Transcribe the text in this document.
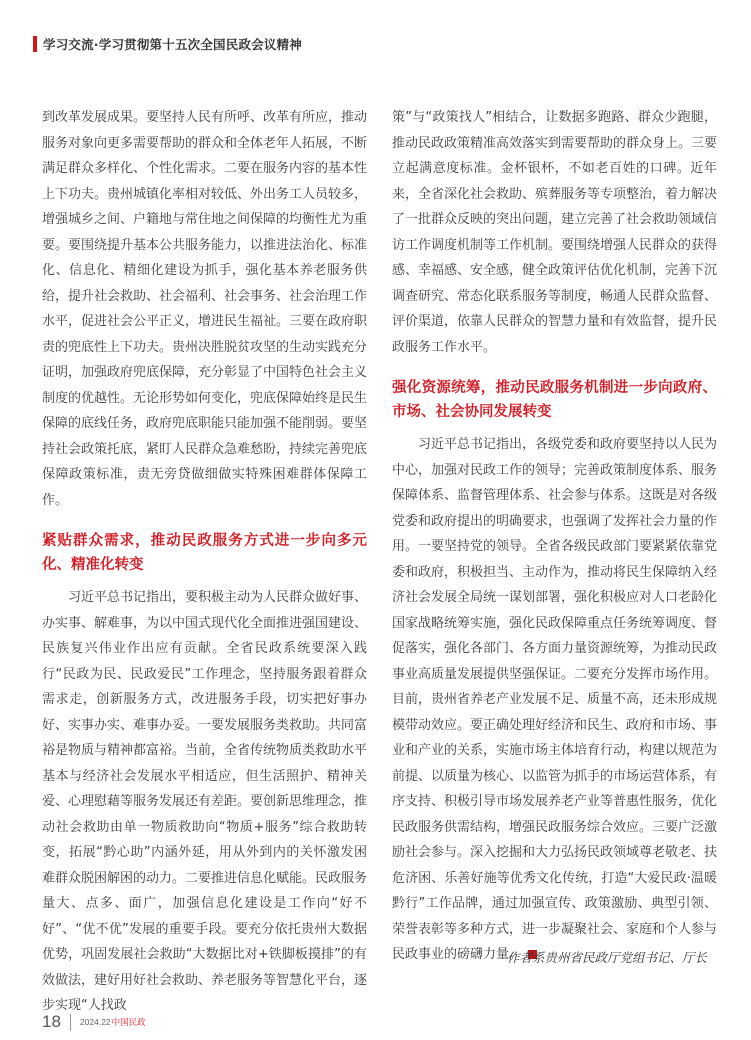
学习交流·学习贯彻第十五次全国民政会议精神

到改革发展成果。要坚持人民有所呼、改革有所应，推动服务对象向更多需要帮助的群众和全体老年人拓展，不断满足群众多样化、个性化需求。二要在服务内容的基本性上下功夫。贵州城镇化率相对较低、外出务工人员较多，增强城乡之间、户籍地与常住地之间保障的均衡性尤为重要。要围绕提升基本公共服务能力，以推进法治化、标准化、信息化、精细化建设为抓手，强化基本养老服务供给，提升社会救助、社会福利、社会事务、社会治理工作水平，促进社会公平正义，增进民生福祉。三要在政府职责的兜底性上下功夫。贵州决胜脱贫攻坚的生动实践充分证明，加强政府兜底保障，充分彰显了中国特色社会主义制度的优越性。无论形势如何变化，兜底保障始终是民生保障的底线任务，政府兜底职能只能加强不能削弱。要坚持社会政策托底，紧盯人民群众急难愁盼，持续完善兜底保障政策标准，责无旁贷做细做实特殊困难群体保障工作。

紧贴群众需求，推动民政服务方式进一步向多元化、精准化转变

习近平总书记指出，要积极主动为人民群众做好事、办实事、解难事，为以中国式现代化全面推进强国建设、民族复兴伟业作出应有贡献。全省民政系统要深入践行“民政为民、民政爱民”工作理念，坚持服务跟着群众需求走，创新服务方式，改进服务手段，切实把好事办好、实事办实、难事办妥。一要发展服务类救助。共同富裕是物质与精神都富裕。当前，全省传统物质类救助水平基本与经济社会发展水平相适应，但生活照护、精神关爱、心理慰藉等服务发展还有差距。要创新思维理念，推动社会救助由单一物质救助向“物质+服务”综合救助转变，拓展“黔心助”内涵外延，用从外到内的关怀激发困难群众脱困解困的动力。二要推进信息化赋能。民政服务量大、点多、面广，加强信息化建设是工作向“好不好”、“优不优”发展的重要手段。要充分依托贵州大数据优势，巩固发展社会救助“大数据比对+铁脚板摸排”的有效做法，建好用好社会救助、养老服务等智慧化平台，逐步实现“人找政

策”与“政策找人”相结合，让数据多跑路、群众少跑腿，推动民政政策精准高效落实到需要帮助的群众身上。三要立起满意度标准。金杯银杯，不如老百姓的口碑。近年来，全省深化社会救助、殡葬服务等专项整治，着力解决了一批群众反映的突出问题，建立完善了社会救助领域信访工作调度机制等工作机制。要围绕增强人民群众的获得感、幸福感、安全感，健全政策评估优化机制，完善下沉调查研究、常态化联系服务等制度，畅通人民群众监督、评价渠道，依靠人民群众的智慧力量和有效监督，提升民政服务工作水平。

强化资源统筹，推动民政服务机制进一步向政府、市场、社会协同发展转变

习近平总书记指出，各级党委和政府要坚持以人民为中心，加强对民政工作的领导；完善政策制度体系、服务保障体系、监督管理体系、社会参与体系。这既是对各级党委和政府提出的明确要求，也强调了发挥社会力量的作用。一要坚持党的领导。全省各级民政部门要紧紧依靠党委和政府，积极担当、主动作为，推动将民生保障纳入经济社会发展全局统一谋划部署，强化积极应对人口老龄化国家战略统筹实施，强化民政保障重点任务统筹调度、督促落实，强化各部门、各方面力量资源统筹，为推动民政事业高质量发展提供坚强保证。二要充分发挥市场作用。目前，贵州省养老产业发展不足、质量不高，还未形成规模带动效应。要正确处理好经济和民生、政府和市场、事业和产业的关系，实施市场主体培育行动，构建以规范为前提、以质量为核心、以监管为抓手的市场运营体系，有序支持、积极引导市场发展养老产业等普惠性服务，优化民政服务供需结构，增强民政服务综合效应。三要广泛激励社会参与。深入挖掘和大力弘扬民政领域尊老敬老、扶危济困、乐善好施等优秀文化传统，打造“大爱民政·温暖黔行”工作品牌，通过加强宣传、政策激励、典型引领、荣誉表彰等多种方式，进一步凝聚社会、家庭和个人参与民政事业的磅礴力量。

作者系贵州省民政厅党组书记、厅长
18 2024.22 中国民政
